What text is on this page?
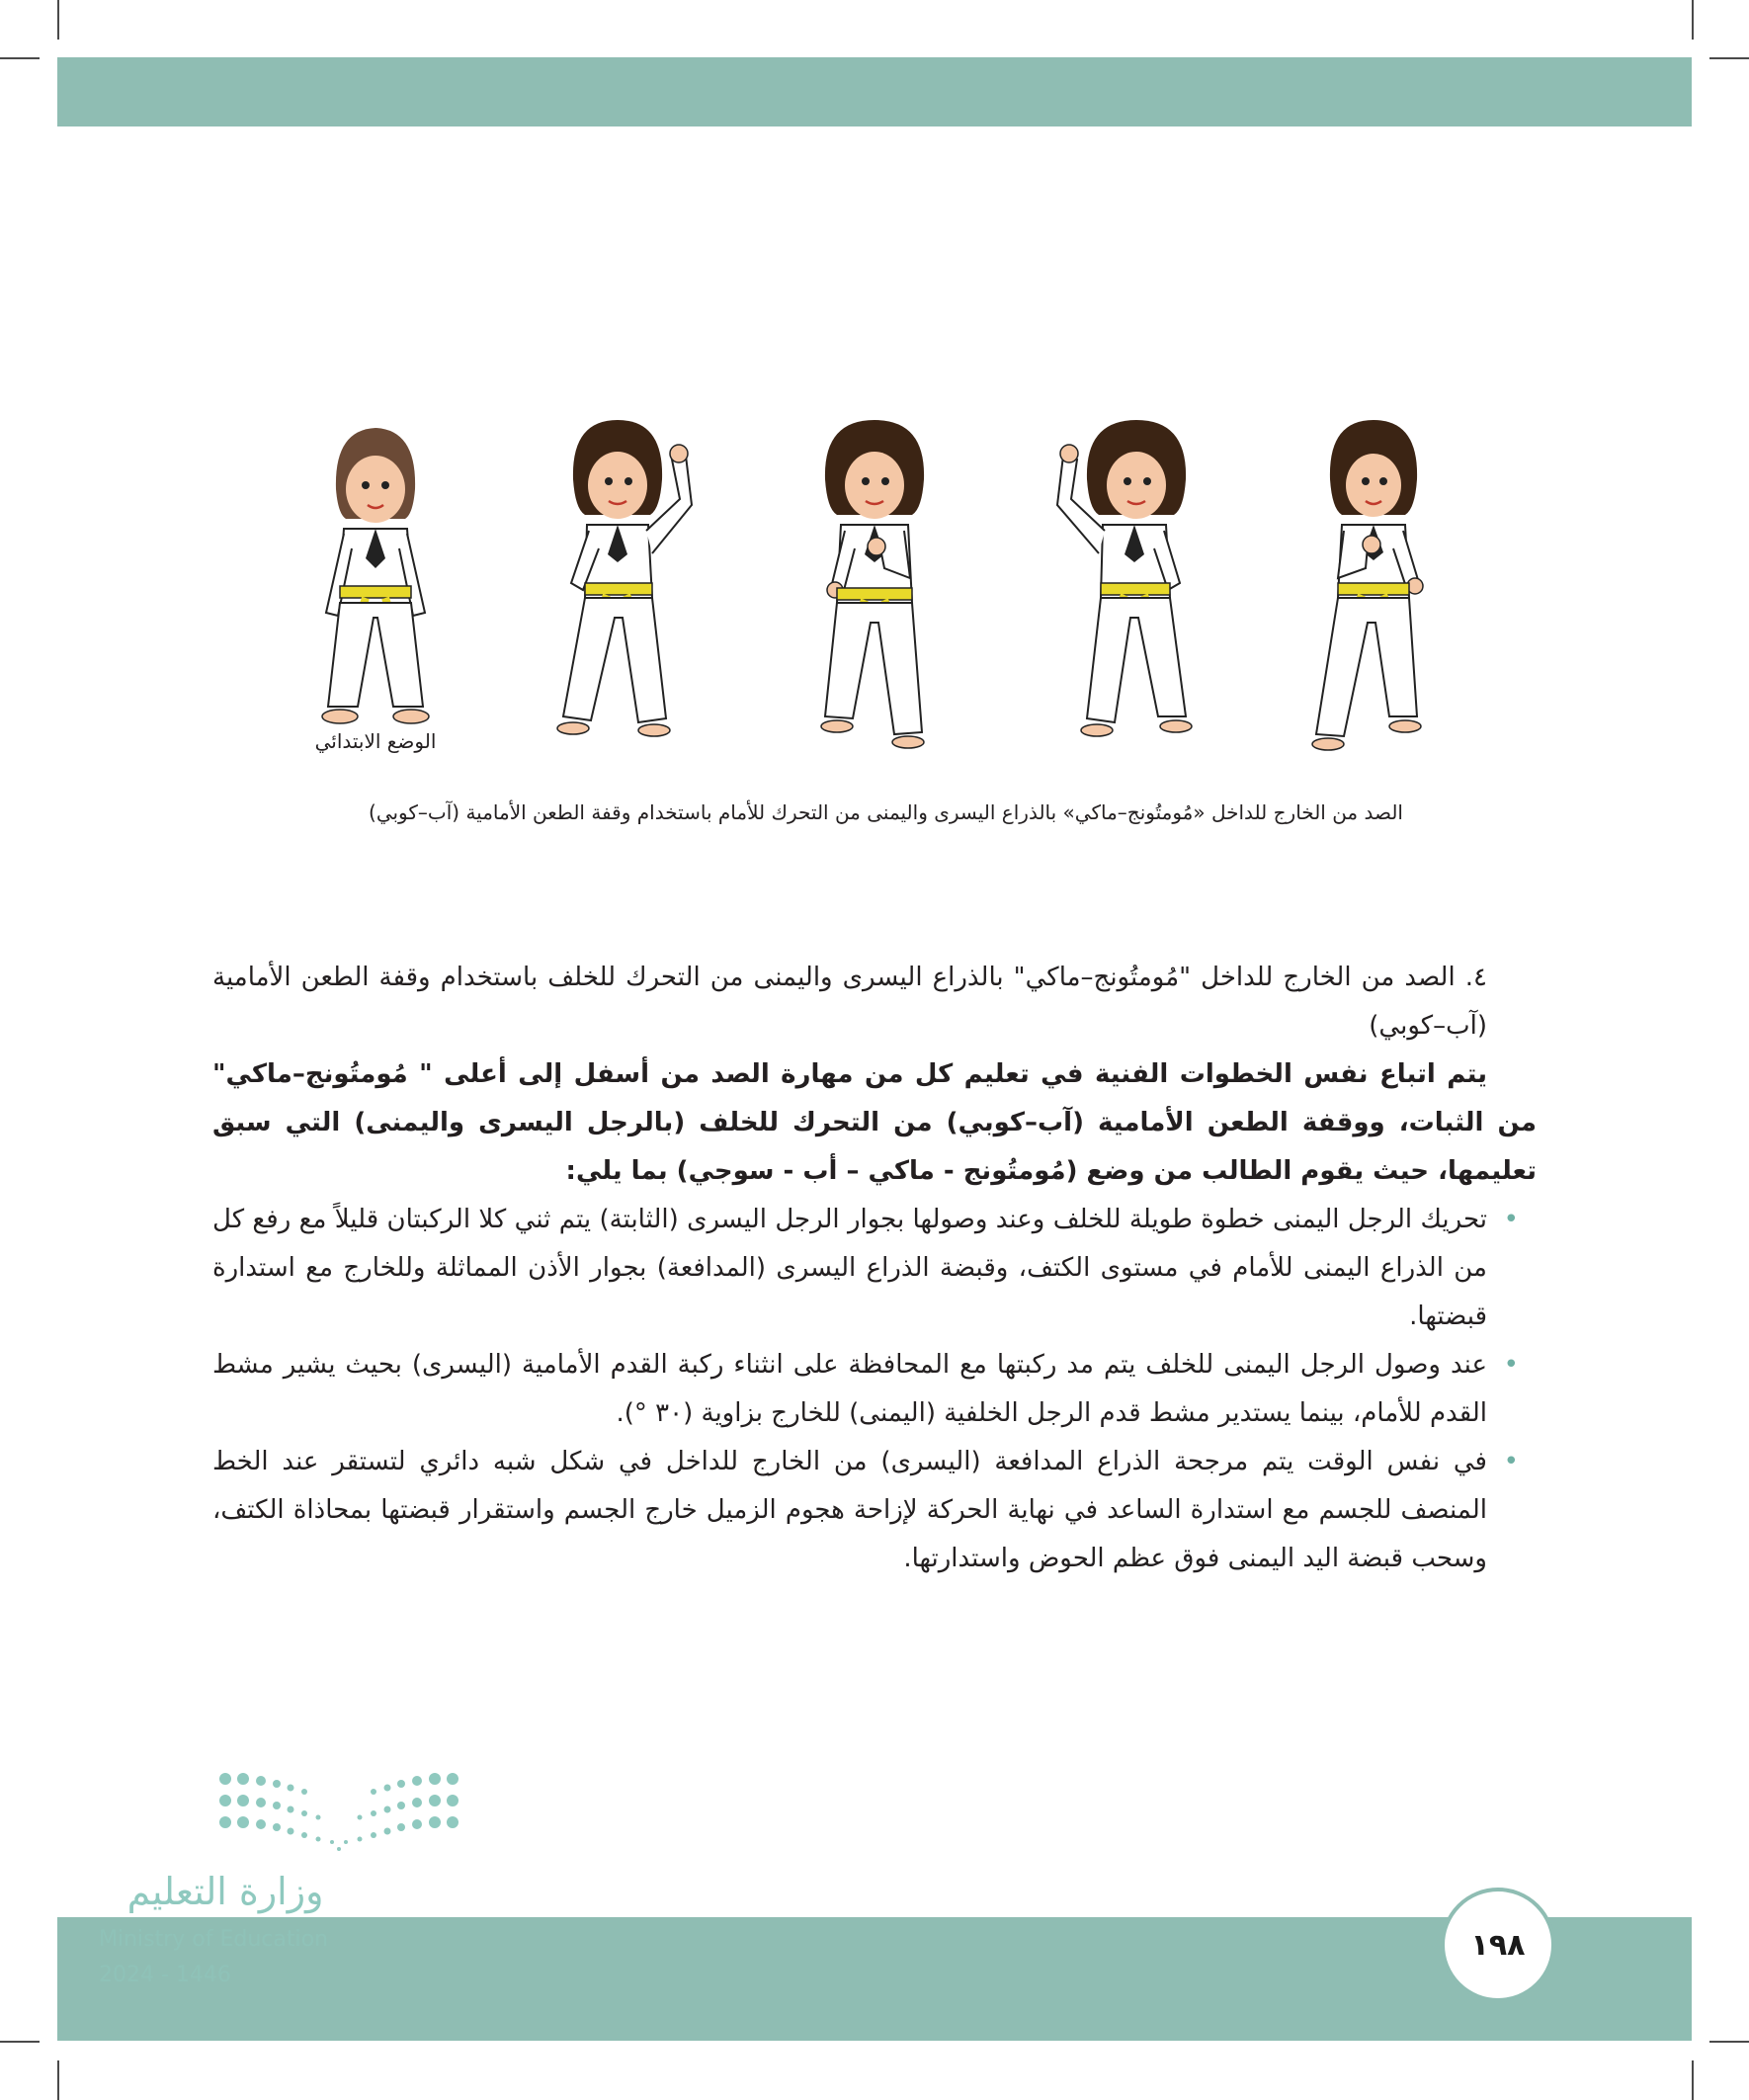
الوضع الابتدائي
الصد من الخارج للداخل «مُومتُونج–ماكي» بالذراع اليسرى واليمنى من التحرك للأمام باستخدام وقفة الطعن الأمامية (آب–كوبي)

٤. الصد من الخارج للداخل "مُومتُونج–ماكي" بالذراع اليسرى واليمنى من التحرك للخلف باستخدام وقفة الطعن الأمامية (آب–كوبي)

يتم اتباع نفس الخطوات الفنية في تعليم كل من مهارة الصد من أسفل إلى أعلى " مُومتُونج–ماكي" من الثبات، ووقفة الطعن الأمامية (آب–كوبي) من التحرك للخلف (بالرجل اليسرى واليمنى) التي سبق تعليمها، حيث يقوم الطالب من وضع (مُومتُونج - ماكي – أب - سوجي) بما يلي:

•
تحريك الرجل اليمنى خطوة طويلة للخلف وعند وصولها بجوار الرجل اليسرى (الثابتة) يتم ثني كلا الركبتان قليلاً مع رفع كل من الذراع اليمنى للأمام في مستوى الكتف، وقبضة الذراع اليسرى (المدافعة) بجوار الأذن المماثلة وللخارج مع استدارة قبضتها.
•
عند وصول الرجل اليمنى للخلف يتم مد ركبتها مع المحافظة على انثناء ركبة القدم الأمامية (اليسرى) بحيث يشير مشط القدم للأمام، بينما يستدير مشط قدم الرجل الخلفية (اليمنى) للخارج بزاوية (٣٠ °).
•
في نفس الوقت يتم مرجحة الذراع المدافعة (اليسرى) من الخارج للداخل في شكل شبه دائري لتستقر عند الخط المنصف للجسم مع استدارة الساعد في نهاية الحركة لإزاحة هجوم الزميل خارج الجسم واستقرار قبضتها بمحاذاة الكتف، وسحب قبضة اليد اليمنى فوق عظم الحوض واستدارتها.
وزارة التعليم
Ministry of Education
2024 - 1446
١٩٨
